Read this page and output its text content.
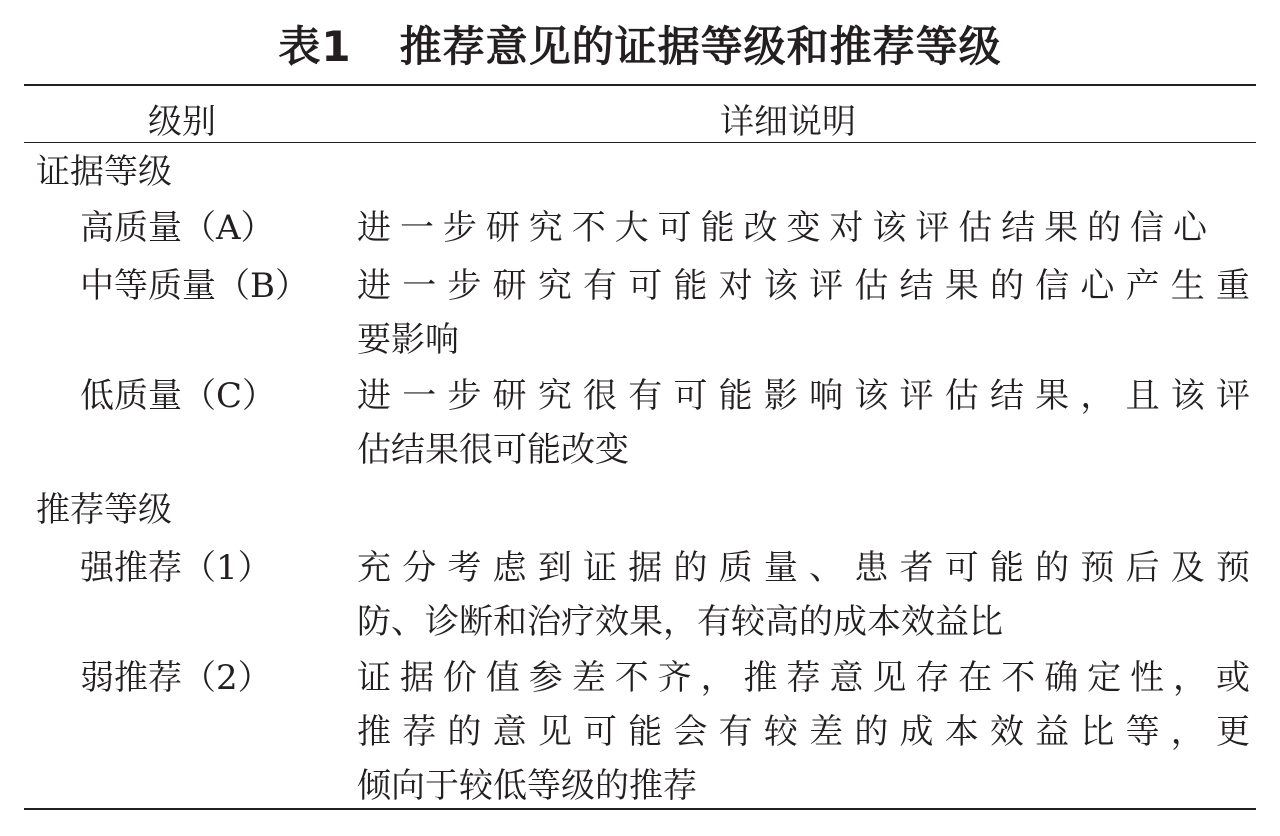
表1 推荐意见的证据等级和推荐等级
级别	详细说明
证据等级
高质量（A） 进一步研究不大可能改变对该评估结果的信心
中等质量（B） 进一步研究有可能对该评估结果的信心产生重
要影响
低质量（C） 进一步研究很有可能影响该评估结果，且该评
估结果很可能改变
推荐等级
强推荐（1）	充分考虑到证据的质量、患者可能的预后及预
防、诊断和治疗效果，有较高的成本效益比
弱推荐（2）	证据价值参差不齐，推荐意见存在不确定性，或
推荐的意见可能会有较差的成本效益比等，更
倾向于较低等级的推荐
